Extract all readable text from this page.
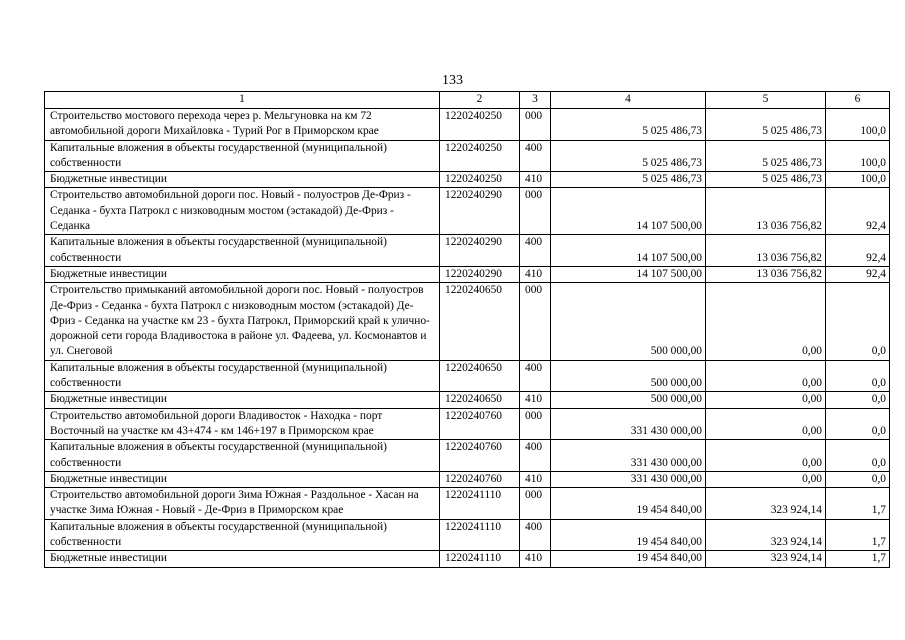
133
1	2	3	4	5	6
Строительство мостового перехода через р. Мельгуновка на км 72 автомобильной дороги Михайловка - Турий Рог в Приморском крае	1220240250	000	5 025 486,73	5 025 486,73	100,0
Капитальные вложения в объекты государственной (муниципальной) собственности	1220240250	400	5 025 486,73	5 025 486,73	100,0
Бюджетные инвестиции	1220240250	410	5 025 486,73	5 025 486,73	100,0
Строительство автомобильной дороги пос. Новый - полуостров Де-Фриз - Седанка - бухта Патрокл с низководным мостом (эстакадой) Де-Фриз - Седанка	1220240290	000	14 107 500,00	13 036 756,82	92,4
Капитальные вложения в объекты государственной (муниципальной) собственности	1220240290	400	14 107 500,00	13 036 756,82	92,4
Бюджетные инвестиции	1220240290	410	14 107 500,00	13 036 756,82	92,4
Строительство примыканий автомобильной дороги пос. Новый - полуостров Де-Фриз - Седанка - бухта Патрокл с низководным мостом (эстакадой) Де-Фриз - Седанка на участке км 23 - бухта Патрокл, Приморский край к улично-дорожной сети города Владивостока в районе ул. Фадеева, ул. Космонавтов и ул. Снеговой	1220240650	000	500 000,00	0,00	0,0
Капитальные вложения в объекты государственной (муниципальной) собственности	1220240650	400	500 000,00	0,00	0,0
Бюджетные инвестиции	1220240650	410	500 000,00	0,00	0,0
Строительство автомобильной дороги Владивосток - Находка - порт Восточный на участке км 43+474 - км 146+197 в Приморском крае	1220240760	000	331 430 000,00	0,00	0,0
Капитальные вложения в объекты государственной (муниципальной) собственности	1220240760	400	331 430 000,00	0,00	0,0
Бюджетные инвестиции	1220240760	410	331 430 000,00	0,00	0,0
Строительство автомобильной дороги Зима Южная - Раздольное - Хасан на участке Зима Южная - Новый - Де-Фриз в Приморском крае	1220241110	000	19 454 840,00	323 924,14	1,7
Капитальные вложения в объекты государственной (муниципальной) собственности	1220241110	400	19 454 840,00	323 924,14	1,7
Бюджетные инвестиции	1220241110	410	19 454 840,00	323 924,14	1,7
